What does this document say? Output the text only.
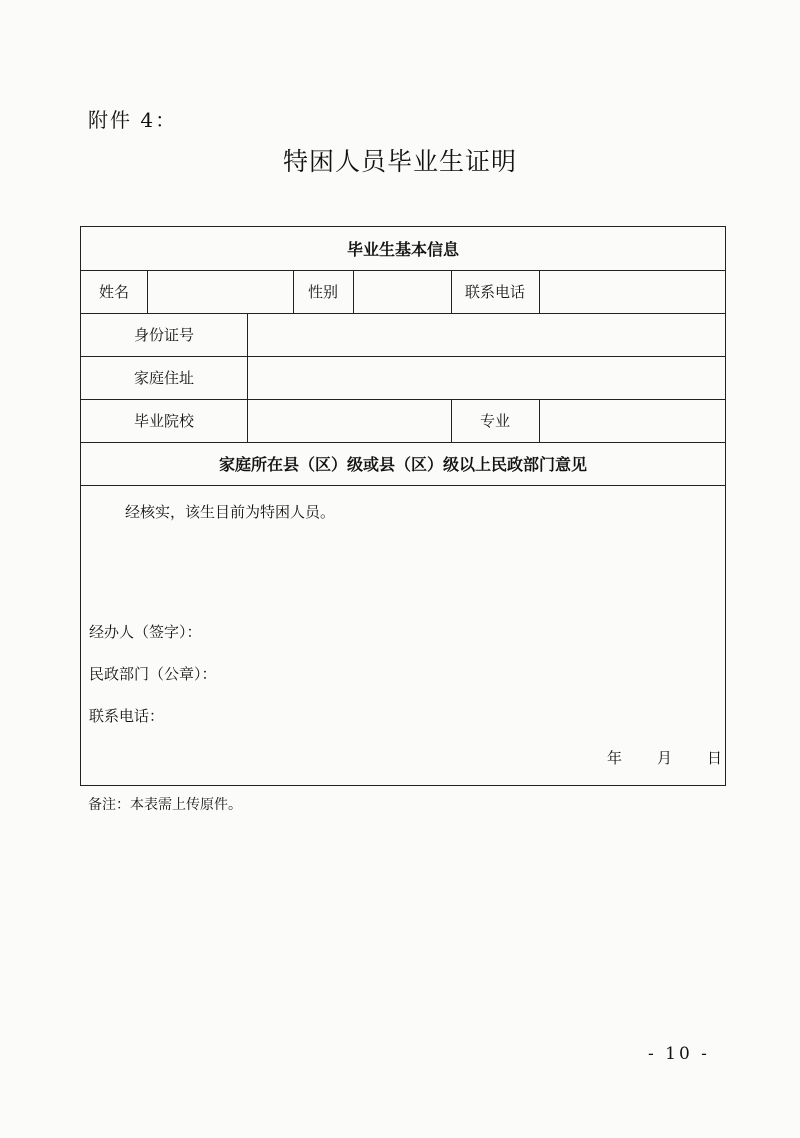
附件 4：
特困人员毕业生证明
毕业生基本信息
姓名	性别	联系电话
身份证号
家庭住址
毕业院校	专业
家庭所在县（区）级或县（区）级以上民政部门意见
经核实，该生目前为特困人员。
经办人（签字）：
民政部门（公章）：
联系电话：
年 月 日
备注：本表需上传原件。
- 10 -
